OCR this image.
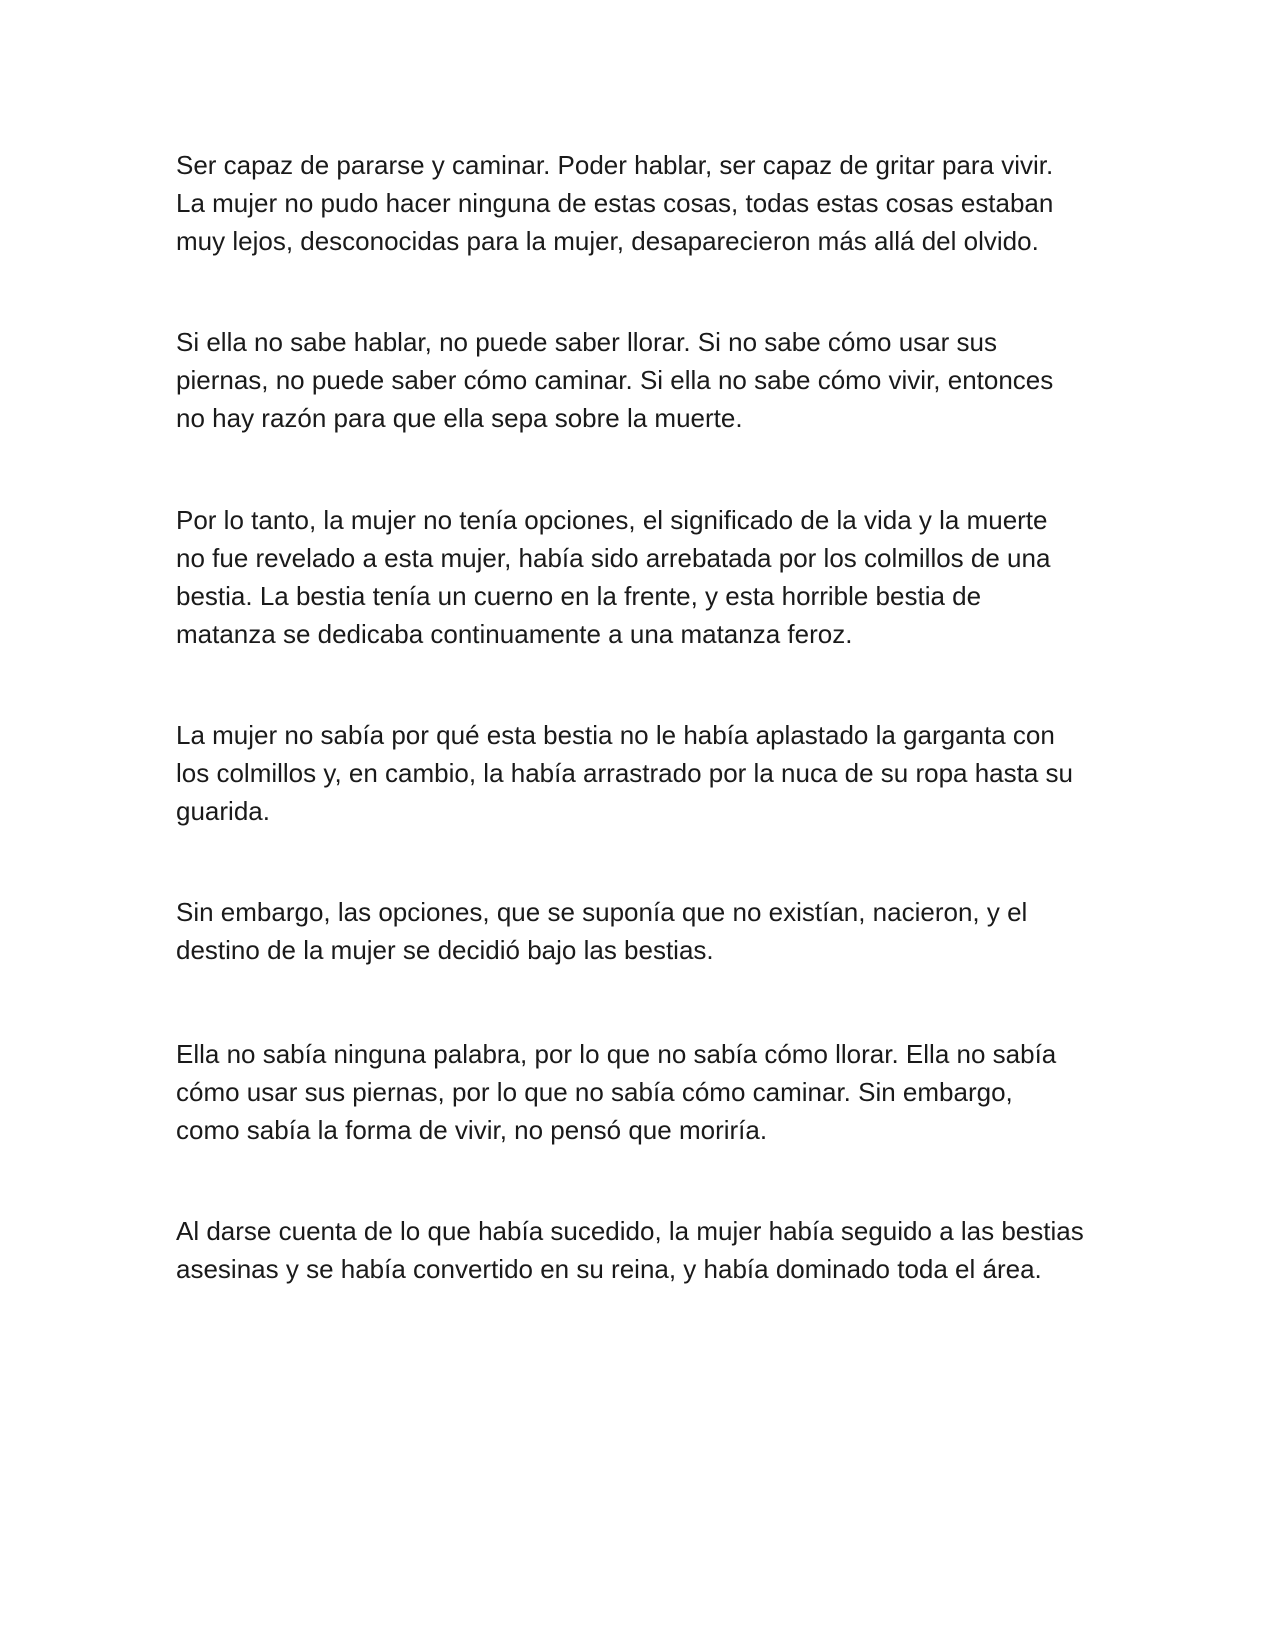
Ser capaz de pararse y caminar. Poder hablar, ser capaz de gritar para vivir.
La mujer no pudo hacer ninguna de estas cosas, todas estas cosas estaban
muy lejos, desconocidas para la mujer, desaparecieron más allá del olvido.

Si ella no sabe hablar, no puede saber llorar. Si no sabe cómo usar sus
piernas, no puede saber cómo caminar. Si ella no sabe cómo vivir, entonces
no hay razón para que ella sepa sobre la muerte.

Por lo tanto, la mujer no tenía opciones, el significado de la vida y la muerte
no fue revelado a esta mujer, había sido arrebatada por los colmillos de una
bestia. La bestia tenía un cuerno en la frente, y esta horrible bestia de
matanza se dedicaba continuamente a una matanza feroz.

La mujer no sabía por qué esta bestia no le había aplastado la garganta con
los colmillos y, en cambio, la había arrastrado por la nuca de su ropa hasta su
guarida.

Sin embargo, las opciones, que se suponía que no existían, nacieron, y el
destino de la mujer se decidió bajo las bestias.

Ella no sabía ninguna palabra, por lo que no sabía cómo llorar. Ella no sabía
cómo usar sus piernas, por lo que no sabía cómo caminar. Sin embargo,
como sabía la forma de vivir, no pensó que moriría.

Al darse cuenta de lo que había sucedido, la mujer había seguido a las bestias
asesinas y se había convertido en su reina, y había dominado toda el área.
